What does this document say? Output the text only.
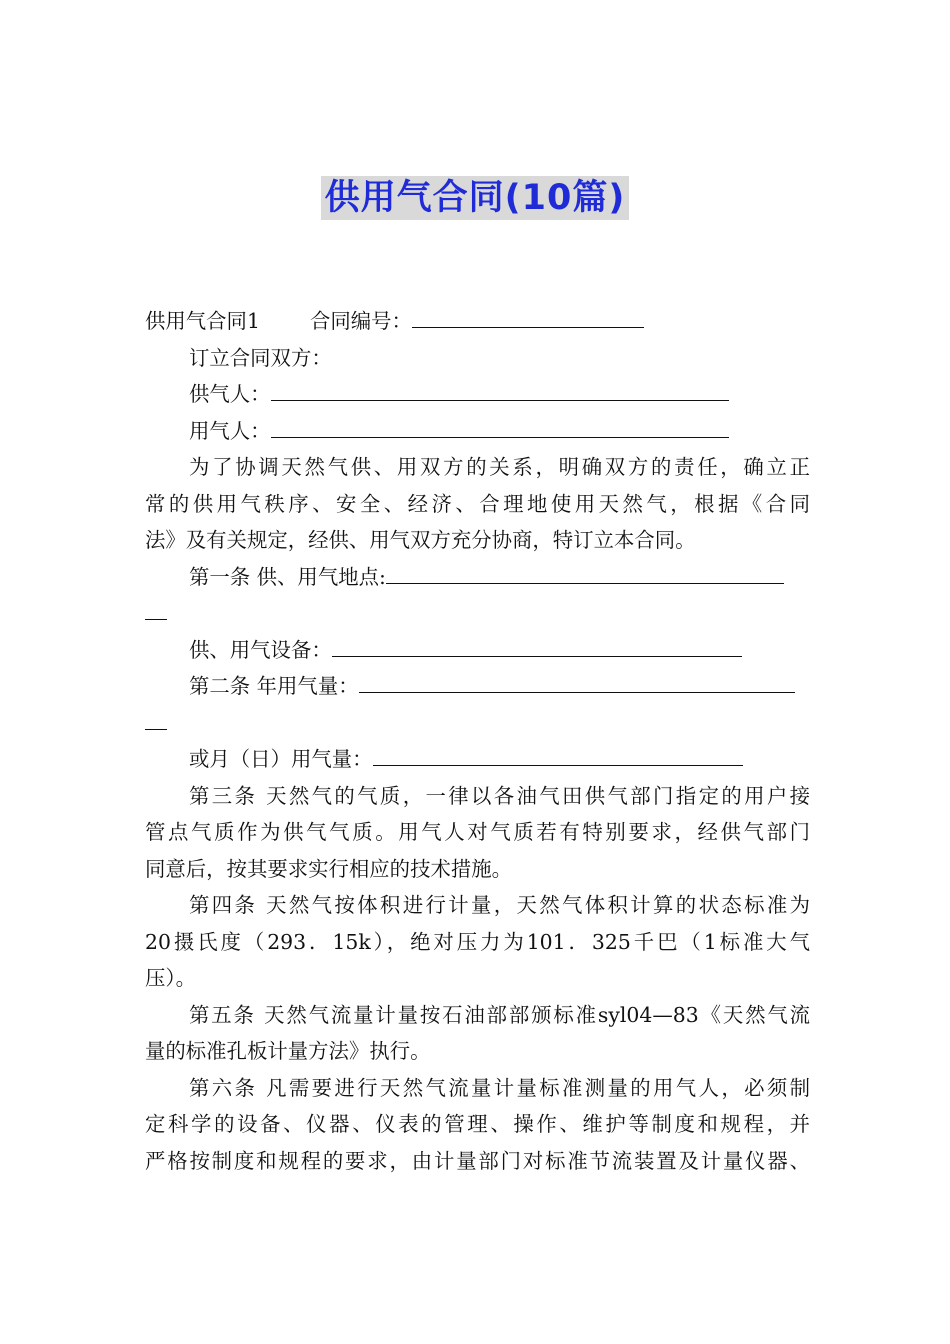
供用气合同(10篇)
供用气合同1 合同编号：
订立合同双方：
供气人：
用气人：
为了协调天然气供、用双方的关系，明确双方的责任，确立正
常的供用气秩序、安全、经济、合理地使用天然气，根据《合同
法》及有关规定，经供、用气双方充分协商，特订立本合同。
第一条 供、用气地点:
供、用气设备：
第二条 年用气量：
或月（日）用气量：
第三条 天然气的气质，一律以各油气田供气部门指定的用户接
管点气质作为供气气质。用气人对气质若有特别要求，经供气部门
同意后，按其要求实行相应的技术措施。
第四条 天然气按体积进行计量，天然气体积计算的状态标准为
20摄氏度（293．15k），绝对压力为101．325千巴（1标准大气
压）。
第五条 天然气流量计量按石油部部颁标准syl04—83《天然气流
量的标准孔板计量方法》执行。
第六条 凡需要进行天然气流量计量标准测量的用气人，必须制
定科学的设备、仪器、仪表的管理、操作、维护等制度和规程，并
严格按制度和规程的要求，由计量部门对标准节流装置及计量仪器、
